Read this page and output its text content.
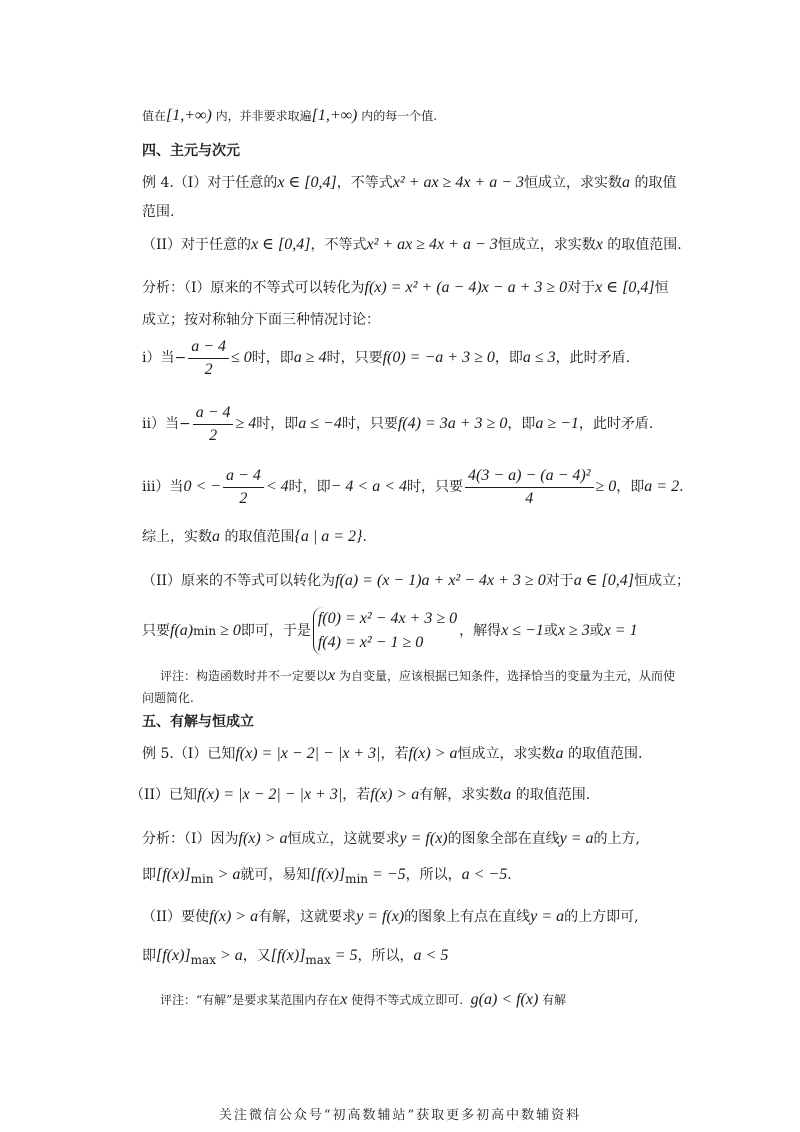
值在[1,+∞) 内，并非要求取遍[1,+∞) 内的每一个值.
四、主元与次元
例 4.（I）对于任意的x ∈ [0,4]，不等式x² + ax ≥ 4x + a − 3恒成立，求实数a 的取值
范围.
（II）对于任意的x ∈ [0,4]，不等式x² + ax ≥ 4x + a − 3恒成立，求实数x 的取值范围.
分析：（I）原来的不等式可以转化为f(x) = x² + (a − 4)x − a + 3 ≥ 0对于x ∈ [0,4]恒
成立；按对称轴分下面三种情况讨论：
i）当− $\frac{a - 4}{2} \le 0$ 时，即 a ≥ 4 时，只要 f(0) = −a + 3 ≥ 0 ，即 a ≤ 3 ，此时矛盾.
ii）当− $\frac{a - 4}{2} \ge 4$ 时，即 a ≤ −4 时，只要 f(4) = 3a + 3 ≥ 0 ，即 a ≥ −1 ，此时矛盾.
iii）当 0 < − $\frac{a - 4}{2} < 4$ 时，即 − 4 < a < 4 时，只要 $\frac{\text{4(3 − a) − (a − 4)²}}{4} \ge 0$ ，即 a = 2 .
综上，实数a 的取值范围{a | a = 2}.
（II）原来的不等式可以转化为f(a) = (x − 1)a + x² − 4x + 3 ≥ 0对于a ∈ [0,4]恒成立；
只要 f(a) min ≥ 0 即可，于是
f(0) = x² − 4x + 3 ≥ 0
f(4) = x² − 1 ≥ 0
，解得 x ≤ −1 或 x ≥ 3 或 x = 1
评注：构造函数时并不一定要以x 为自变量，应该根据已知条件，选择恰当的变量为主元，从而使
问题简化.
五、有解与恒成立
例 5.（I）已知f(x) = |x − 2| − |x + 3|，若f(x) > a恒成立，求实数a 的取值范围.
（II）已知f(x) = |x − 2| − |x + 3|，若f(x) > a有解，求实数a 的取值范围.
分析：（I）因为f(x) > a恒成立，这就要求y = f(x)的图象全部在直线y = a的上方,
即$[f(x)]_{min} > a$就可，易知$[f(x)]_{min} = -5$，所以，a < −5.
（II）要使f(x) > a有解，这就要求y = f(x)的图象上有点在直线y = a的上方即可,
即$[f(x)]_{max} > a$，又$[f(x)]_{max} = 5$，所以，a < 5
评注：“有解”是要求某范围内存在x 使得不等式成立即可.  g(a) < f(x) 有解
关注微信公众号“初高数辅站”获取更多初高中数辅资料
